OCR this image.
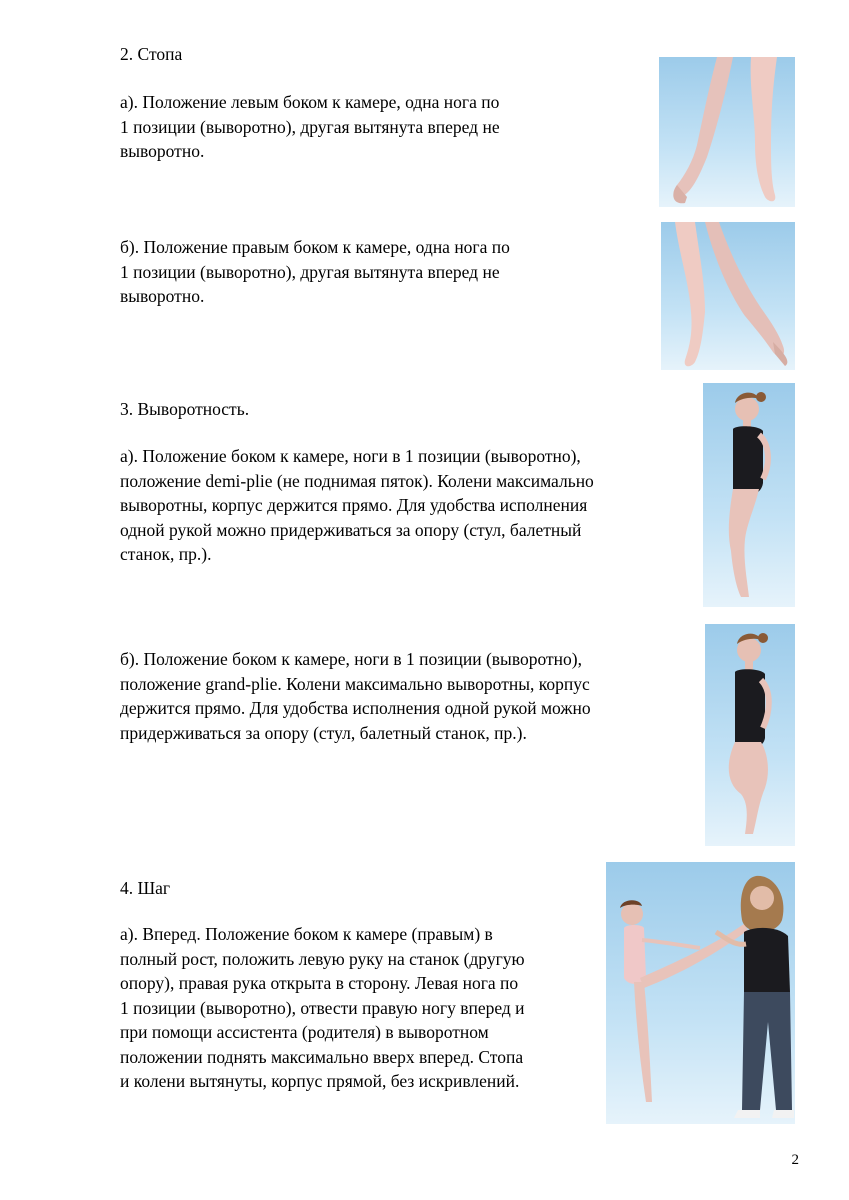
2. Стопа

а). Положение левым боком к камере, одна нога по
1 позиции (выворотно), другая вытянута вперед не
выворотно.

б). Положение правым боком к камере, одна нога по
1 позиции (выворотно), другая вытянута вперед не
выворотно.

3. Выворотность.

а). Положение боком к камере, ноги в 1 позиции (выворотно),
положение demi-plie (не поднимая пяток). Колени максимально
выворотны, корпус держится прямо. Для удобства исполнения
одной рукой можно придерживаться за опору (стул, балетный
станок, пр.).

б). Положение боком к камере, ноги в 1 позиции (выворотно),
положение grand-plie. Колени максимально выворотны, корпус
держится прямо. Для удобства исполнения одной рукой можно
придерживаться за опору (стул, балетный станок, пр.).

4. Шаг

а). Вперед. Положение боком к камере (правым) в
полный рост, положить левую руку на станок (другую
опору), правая рука открыта в сторону. Левая нога по
1 позиции (выворотно), отвести правую ногу вперед и
при помощи ассистента (родителя) в выворотном
положении поднять максимально вверх вперед. Стопа
и колени вытянуты, корпус прямой, без искривлений.

2
